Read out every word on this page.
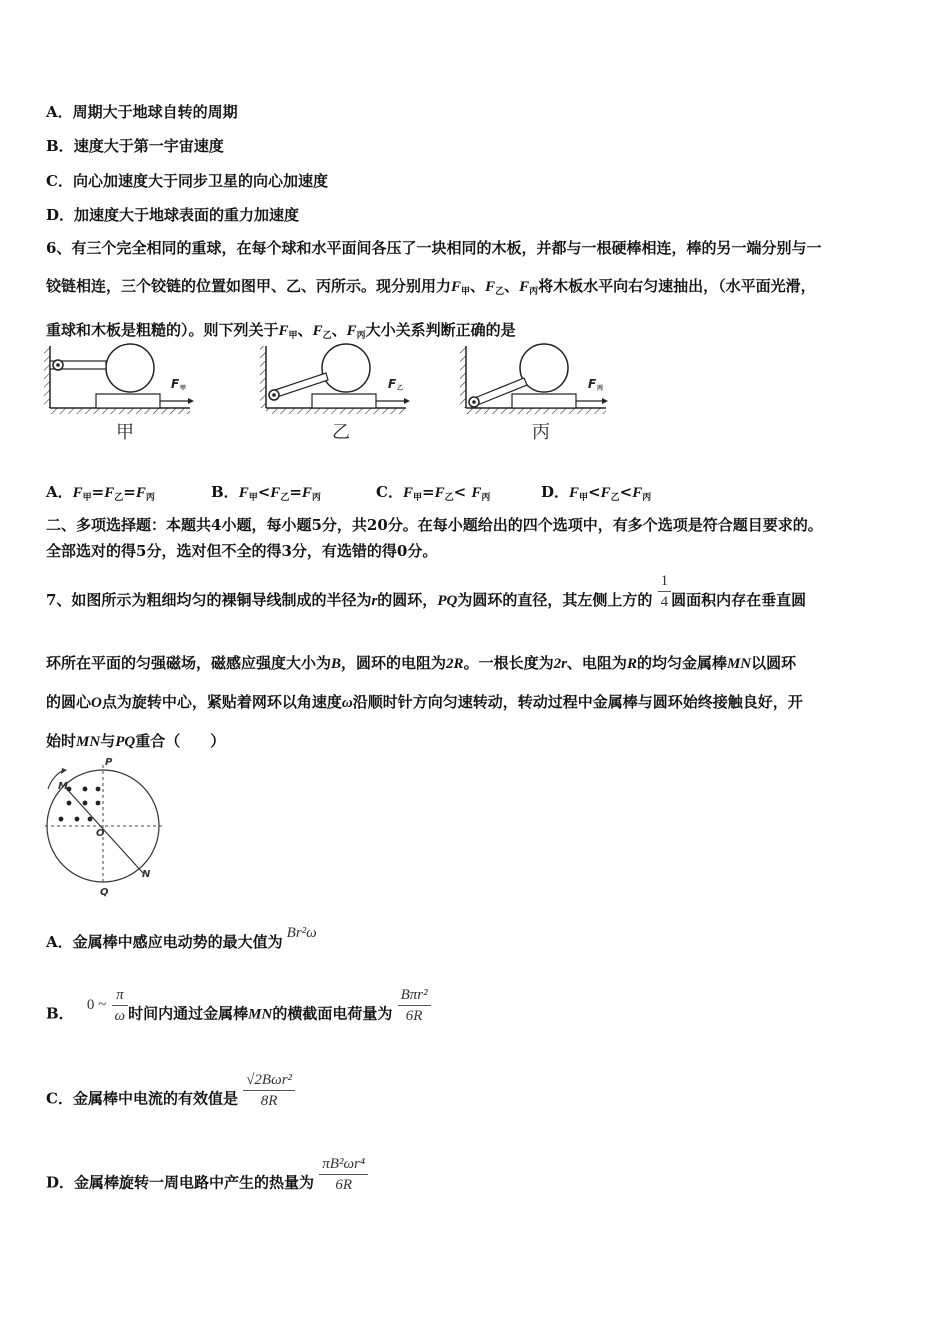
A．周期大于地球自转的周期
B．速度大于第一宇宙速度
C．向心加速度大于同步卫星的向心加速度
D．加速度大于地球表面的重力加速度
6、有三个完全相同的重球，在每个球和水平面间各压了一块相同的木板，并都与一根硬棒相连，棒的另一端分别与一
铰链相连，三个铰链的位置如图甲、乙、丙所示。现分别用力$F_甲$、$F_乙$、$F_丙$将木板水平向右匀速抽出，（水平面光滑，
重球和木板是粗糙的）。则下列关于$F_甲$、$F_乙$、$F_丙$大小关系判断正确的是
F 甲
甲
F 乙
乙
F 丙
丙
A．$F_甲=F_乙=F_丙$	B．$F_甲<F_乙=F_丙$	C．$F_甲=F_乙< F_丙$	D．$F_甲<F_乙<F_丙$
二、多项选择题：本题共4小题，每小题5分，共20分。在每小题给出的四个选项中，有多个选项是符合题目要求的。
全部选对的得5分，选对但不全的得3分，有选错的得0分。
7、如图所示为粗细均匀的裸铜导线制成的半径为r的圆环，PQ为圆环的直径，其左侧上方的 $\frac{1}{4}$ 圆面积内存在垂直圆
环所在平面的匀强磁场，磁感应强度大小为B，圆环的电阻为2R。一根长度为2r、电阻为R的均匀金属棒MN以圆环
的圆心O点为旋转中心，紧贴着网环以角速度ω沿顺时针方向匀速转动，转动过程中金属棒与圆环始终接触良好，开
始时MN与PQ重合（　　）
P
M
O
Q
N
A．金属棒中感应电动势的最大值为 Br²ω
B． 0 ~ $\frac{\pi}{\omega}$ 时间内通过金属棒MN的横截面电荷量为 $\frac{\text{Bπr²}}{6R}$
C．金属棒中电流的有效值是 $\frac{\text{√2Bωr²}}{8R}$
D．金属棒旋转一周电路中产生的热量为 $\frac{\text{πB²ωr⁴}}{6R}$
